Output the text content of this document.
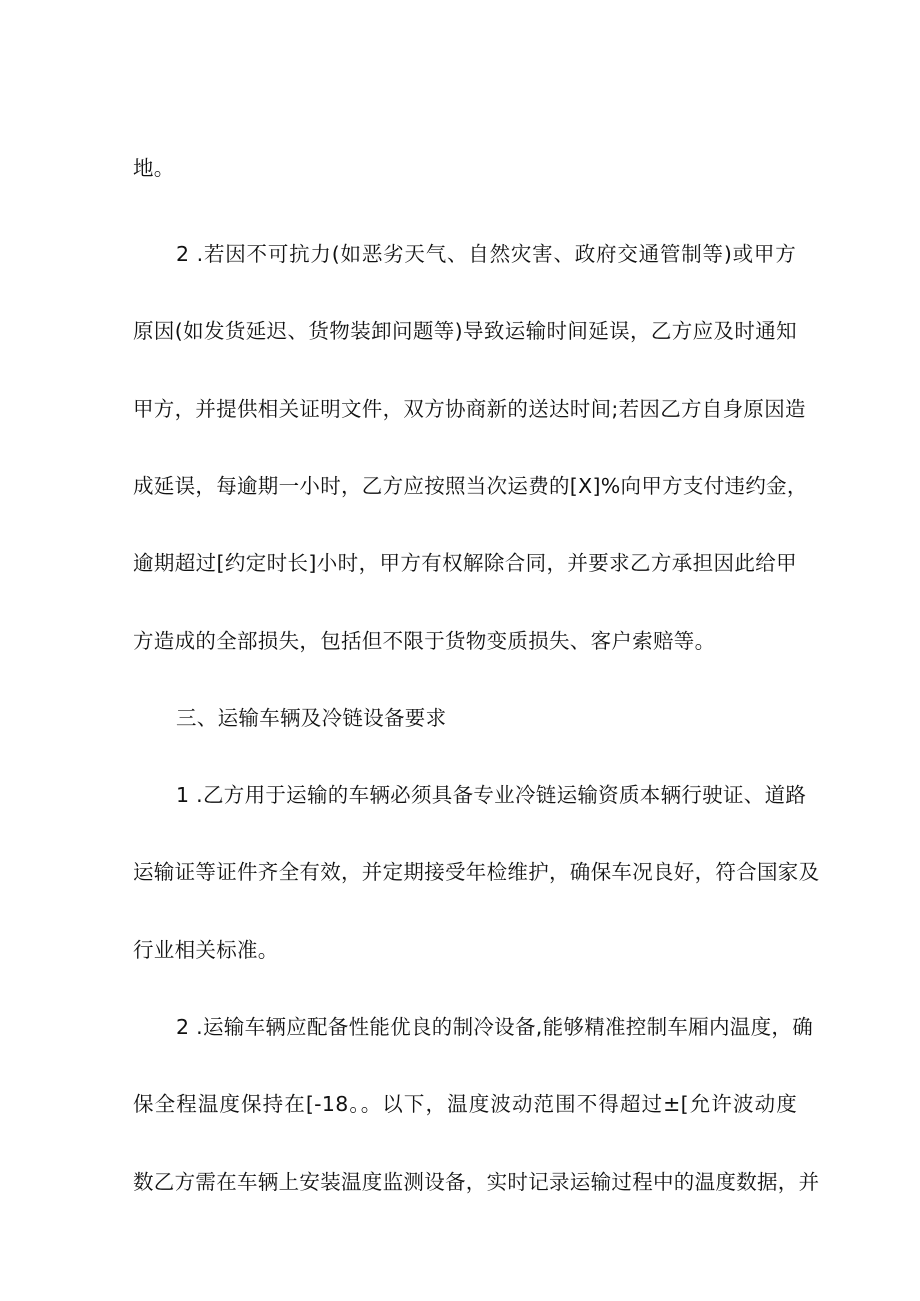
地。
2 .若因不可抗力(如恶劣天气、自然灾害、政府交通管制等)或甲方
原因(如发货延迟、货物装卸问题等)导致运输时间延误，乙方应及时通知
甲方，并提供相关证明文件，双方协商新的送达时间;若因乙方自身原因造
成延误，每逾期一小时，乙方应按照当次运费的[X]%向甲方支付违约金，
逾期超过[约定时长]小时，甲方有权解除合同，并要求乙方承担因此给甲
方造成的全部损失，包括但不限于货物变质损失、客户索赔等。
三、运输车辆及冷链设备要求
1 .乙方用于运输的车辆必须具备专业冷链运输资质本辆行驶证、道路
运输证等证件齐全有效，并定期接受年检维护，确保车况良好，符合国家及
行业相关标准。
2 .运输车辆应配备性能优良的制冷设备,能够精准控制车厢内温度，确
保全程温度保持在[-18。。以下，温度波动范围不得超过±[允许波动度
数乙方需在车辆上安装温度监测设备，实时记录运输过程中的温度数据，并
